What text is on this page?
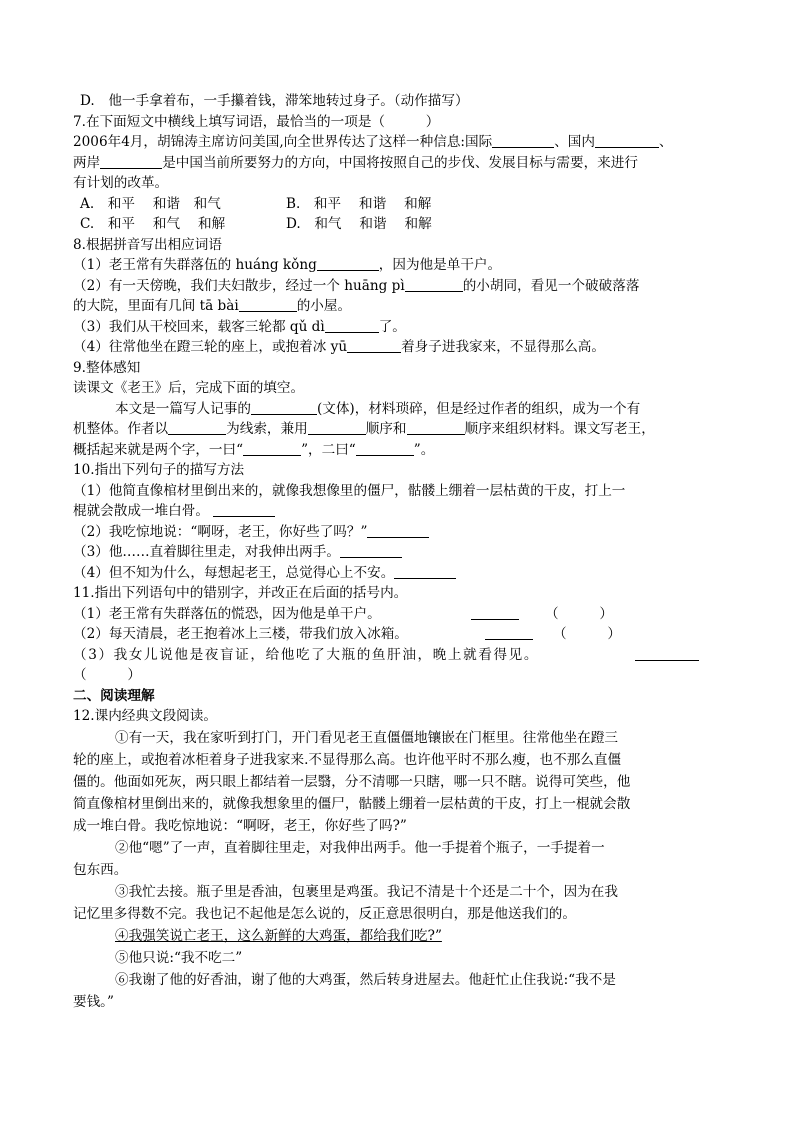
D.　他一手拿着布，一手攥着钱，滞笨地转过身子。（动作描写）
7.在下面短文中横线上填写词语，最恰当的一项是（　　　）
2006年4月，胡锦涛主席访问美国,向全世界传达了这样一种信息:国际	、国内	、
两岸	是中国当前所要努力的方向，中国将按照自己的步伐、发展目标与需要，来进行
有计划的改革。
A.　和平　 和谐　和气	B.　和平　 和谐　 和解
C.　和平　 和气　 和解	D.　和气　 和谐　 和解
8.根据拼音写出相应词语
（1）老王常有失群落伍的 huáng kǒng	，因为他是单干户。
（2）有一天傍晚，我们夫妇散步，经过一个 huāng pì	的小胡同，看见一个破破落落
的大院，里面有几间 tā bài	的小屋。
（3）我们从干校回来，载客三轮都 qǔ dì	了。
（4）往常他坐在蹬三轮的座上，或抱着冰 yū	着身子进我家来，不显得那么高。
9.整体感知
读课文《老王》后，完成下面的填空。
本文是一篇写人记事的	(文体)，材料琐碎，但是经过作者的组织，成为一个有
机整体。作者以	为线索，兼用	顺序和	顺序来组织材料。课文写老王，
概括起来就是两个字，一曰“	”，二曰“	”。
10.指出下列句子的描写方法
（1）他简直像棺材里倒出来的，就像我想像里的僵尸，骷髅上绷着一层枯黄的干皮，打上一
棍就会散成一堆白骨。
（2）我吃惊地说：“啊呀，老王，你好些了吗？”
（3）他……直着脚往里走，对我伸出两手。
（4）但不知为什么，每想起老王，总觉得心上不安。
11.指出下列语句中的错别字，并改正在后面的括号内。
（1）老王常有失群落伍的慌恐，因为他是单干户。	（　　　）
（2）每天清晨，老王抱着冰上三楼，带我们放入冰箱。	（　　　）
（3）我女儿说他是夜盲证，给他吃了大瓶的鱼肝油，晚上就看得见。
（　　　）
二、阅读理解
12.课内经典文段阅读。
①有一天，我在家听到打门，开门看见老王直僵僵地镶嵌在门框里。往常他坐在蹬三
轮的座上，或抱着冰柜着身子进我家来.不显得那么高。也许他平时不那么瘦，也不那么直僵
僵的。他面如死灰，两只眼上都结着一层翳，分不清哪一只瞎，哪一只不瞎。说得可笑些，他
简直像棺材里倒出来的，就像我想象里的僵尸，骷髅上绷着一层枯黄的干皮，打上一棍就会散
成一堆白骨。我吃惊地说：“啊呀，老王，你好些了吗?”
②他“嗯”了一声，直着脚往里走，对我伸出两手。他一手提着个瓶子，一手提着一
包东西。
③我忙去接。瓶子里是香油，包裹里是鸡蛋。我记不清是十个还是二十个，因为在我
记忆里多得数不完。我也记不起他是怎么说的，反正意思很明白，那是他送我们的。
④我强笑说亡老王，这么新鲜的大鸡蛋，都给我们吃?”
⑤他只说:“我不吃二”
⑥我谢了他的好香油，谢了他的大鸡蛋，然后转身进屋去。他赶忙止住我说:“我不是
要钱。”
